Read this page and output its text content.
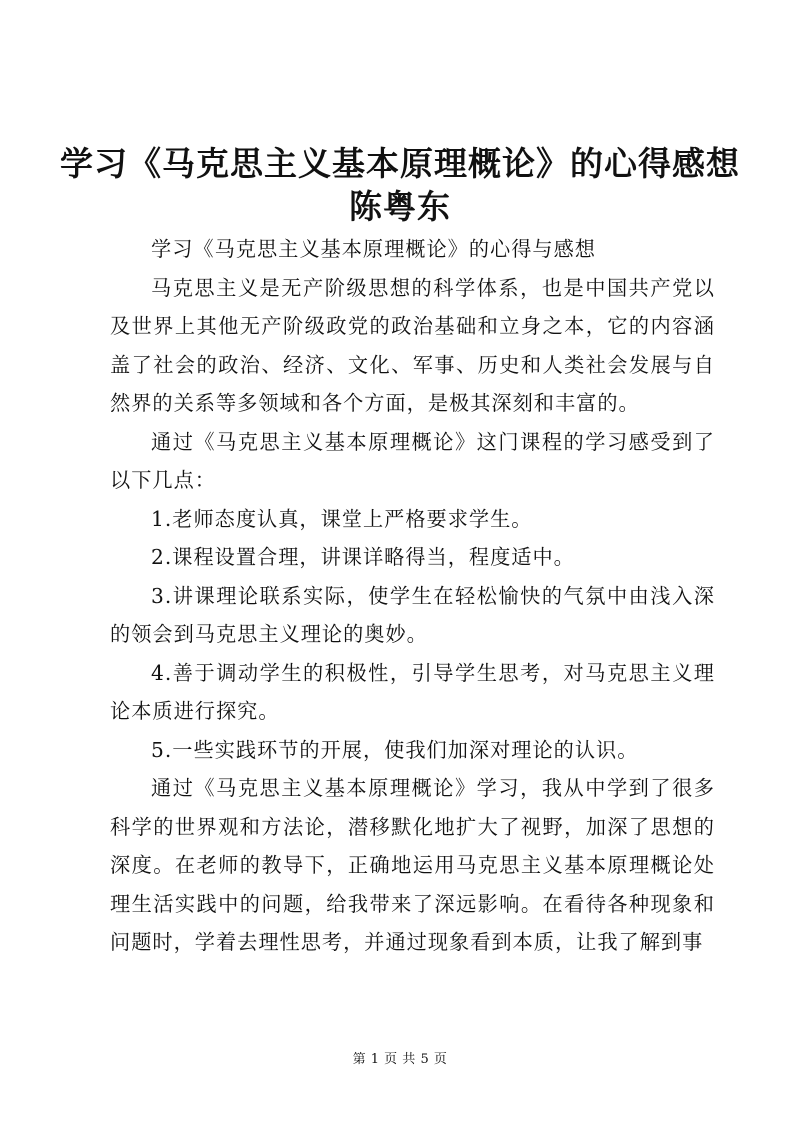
学习《马克思主义基本原理概论》的心得感想
陈粤东

学习《马克思主义基本原理概论》的心得与感想

马克思主义是无产阶级思想的科学体系，也是中国共产党以及世界上其他无产阶级政党的政治基础和立身之本，它的内容涵盖了社会的政治、经济、文化、军事、历史和人类社会发展与自然界的关系等多领域和各个方面，是极其深刻和丰富的。

通过《马克思主义基本原理概论》这门课程的学习感受到了以下几点：

1.老师态度认真，课堂上严格要求学生。

2.课程设置合理，讲课详略得当，程度适中。

3.讲课理论联系实际，使学生在轻松愉快的气氛中由浅入深的领会到马克思主义理论的奥妙。

4.善于调动学生的积极性，引导学生思考，对马克思主义理论本质进行探究。

5.一些实践环节的开展，使我们加深对理论的认识。

通过《马克思主义基本原理概论》学习，我从中学到了很多科学的世界观和方法论，潜移默化地扩大了视野，加深了思想的深度。在老师的教导下，正确地运用马克思主义基本原理概论处理生活实践中的问题，给我带来了深远影响。在看待各种现象和问题时，学着去理性思考，并通过现象看到本质，让我了解到事

第 1 页 共 5 页
